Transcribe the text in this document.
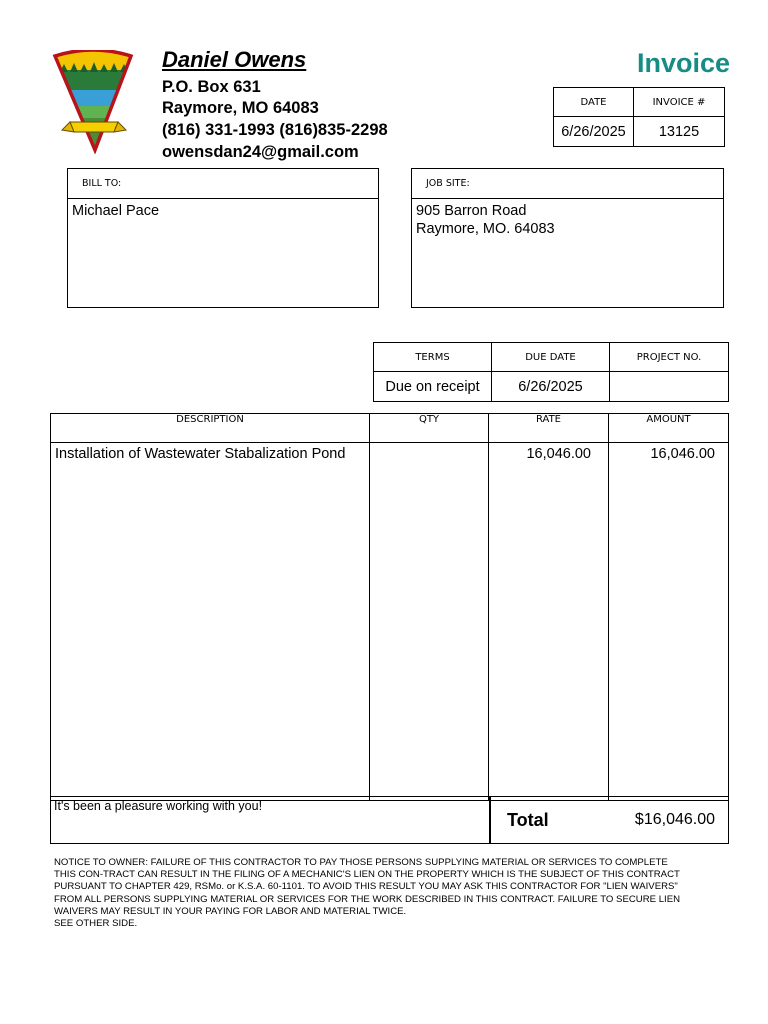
Daniel Owens
P.O. Box 631
Raymore, MO 64083
(816) 331-1993 (816)835-2298
owensdan24@gmail.com
Invoice
DATE	INVOICE #
6/26/2025	13125
BILL TO:
Michael Pace
JOB SITE:
905 Barron Road
Raymore, MO. 64083
TERMS	DUE DATE	PROJECT NO.
Due on receipt	6/26/2025	
DESCRIPTION	QTY	RATE	AMOUNT
Installation of Wastewater Stabalization Pond		16,046.00	16,046.00
It's been a pleasure working with you!
Total	$16,046.00
NOTICE TO OWNER: FAILURE OF THIS CONTRACTOR TO PAY THOSE PERSONS SUPPLYING MATERIAL OR SERVICES TO COMPLETE
THIS CON-TRACT CAN RESULT IN THE FILING OF A MECHANIC'S LIEN ON THE PROPERTY WHICH IS THE SUBJECT OF THIS CONTRACT
PURSUANT TO CHAPTER 429, RSMo. or K.S.A. 60-1101. TO AVOID THIS RESULT YOU MAY ASK THIS CONTRACTOR FOR "LIEN WAIVERS"
FROM ALL PERSONS SUPPLYING MATERIAL OR SERVICES FOR THE WORK DESCRIBED IN THIS CONTRACT. FAILURE TO SECURE LIEN
WAIVERS MAY RESULT IN YOUR PAYING FOR LABOR AND MATERIAL TWICE.
SEE OTHER SIDE.
